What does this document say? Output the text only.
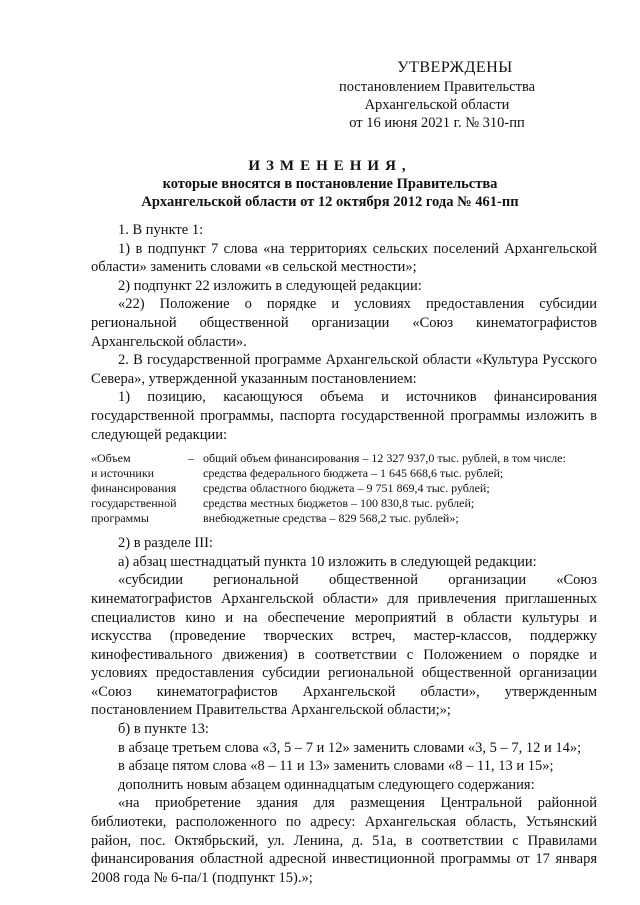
УТВЕРЖДЕНЫ
постановлением Правительства
Архангельской области
от 16 июня 2021 г. № 310-пп
ИЗМЕНЕНИЯ,
которые вносятся в постановление Правительства
Архангельской области от 12 октября 2012 года № 461-пп

1. В пункте 1:

1) в подпункт 7 слова «на территориях сельских поселений Архангельской области» заменить словами «в сельской местности»;

2) подпункт 22 изложить в следующей редакции:

«22) Положение о порядке и условиях предоставления субсидии региональной общественной организации «Союз кинематографистов Архангельской области».

2. В государственной программе Архангельской области «Культура Русского Севера», утвержденной указанным постановлением:

1) позицию, касающуюся объема и источников финансирования государственной программы, паспорта государственной программы изложить в следующей редакции:

«Объем
и источники
финансирования
государственной
программы
– общий объем финансирования – 12 327 937,0 тыс. рублей, в том числе:
средства федерального бюджета – 1 645 668,6 тыс. рублей;
средства областного бюджета – 9 751 869,4 тыс. рублей;
средства местных бюджетов – 100 830,8 тыс. рублей;
внебюджетные средства – 829 568,2 тыс. рублей»;

2) в разделе III:

а) абзац шестнадцатый пункта 10 изложить в следующей редакции:

«субсидии региональной общественной организации «Союз кинематографистов Архангельской области» для привлечения приглашенных специалистов кино и на обеспечение мероприятий в области культуры и искусства (проведение творческих встреч, мастер-классов, поддержку кинофестивального движения) в соответствии с Положением о порядке и условиях предоставления субсидии региональной общественной организации «Союз кинематографистов Архангельской области», утвержденным постановлением Правительства Архангельской области;»;

б) в пункте 13:

в абзаце третьем слова «3, 5 – 7 и 12» заменить словами «3, 5 – 7, 12 и 14»;

в абзаце пятом слова «8 – 11 и 13» заменить словами «8 – 11, 13 и 15»;

дополнить новым абзацем одиннадцатым следующего содержания:

«на приобретение здания для размещения Центральной районной библиотеки, расположенного по адресу: Архангельская область, Устьянский район, пос. Октябрьский, ул. Ленина, д. 51а, в соответствии с Правилами финансирования областной адресной инвестиционной программы от 17 января 2008 года № 6-па/1 (подпункт 15).»;
